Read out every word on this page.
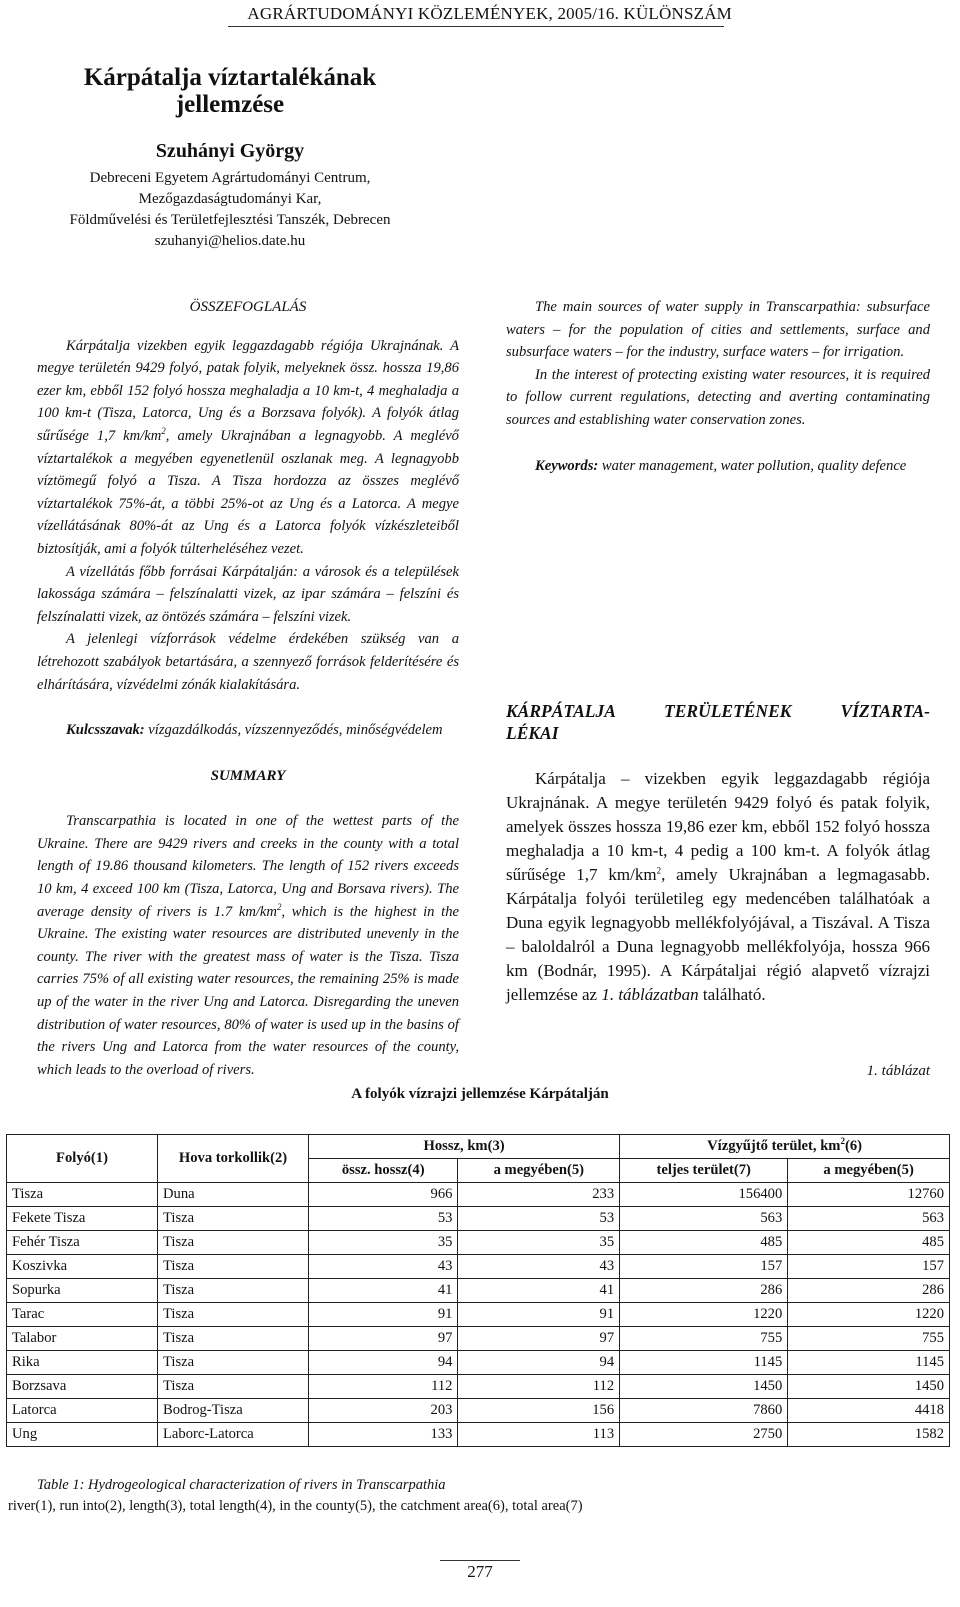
AGRÁRTUDOMÁNYI KÖZLEMÉNYEK, 2005/16. KÜLÖNSZÁM
Kárpátalja víztartalékának
jellemzése
Szuhányi György
Debreceni Egyetem Agrártudományi Centrum,
Mezőgazdaságtudományi Kar,
Földművelési és Területfejlesztési Tanszék, Debrecen
szuhanyi@helios.date.hu
ÖSSZEFOGLALÁS

Kárpátalja vizekben egyik leggazdagabb régiója Ukrajnának. A megye területén 9429 folyó, patak folyik, melyeknek össz. hossza 19,86 ezer km, ebből 152 folyó hossza meghaladja a 10 km-t, 4 meghaladja a 100 km-t (Tisza, Latorca, Ung és a Borzsava folyók). A folyók átlag sűrűsége 1,7 $km/km^2$, amely Ukrajnában a legnagyobb. A meglévő víztartalékok a megyében egyenetlenül oszlanak meg. A legnagyobb víztömegű folyó a Tisza. A Tisza hordozza az összes meglévő víztartalékok 75%-át, a többi 25%-ot az Ung és a Latorca. A megye vízellátásának 80%-át az Ung és a Latorca folyók vízkészleteiből biztosítják, ami a folyók túlterheléséhez vezet.

A vízellátás főbb forrásai Kárpátalján: a városok és a települések lakossága számára – felszínalatti vizek, az ipar számára – felszíni és felszínalatti vizek, az öntözés számára – felszíni vizek.

A jelenlegi vízforrások védelme érdekében szükség van a létrehozott szabályok betartására, a szennyező források felderítésére és elhárítására, vízvédelmi zónák kialakítására.

Kulcsszavak: vízgazdálkodás, vízszennyeződés, minőségvédelem

SUMMARY

Transcarpathia is located in one of the wettest parts of the Ukraine. There are 9429 rivers and creeks in the county with a total length of 19.86 thousand kilometers. The length of 152 rivers exceeds 10 km, 4 exceed 100 km (Tisza, Latorca, Ung and Borsava rivers). The average density of rivers is 1.7 $km/km^2$, which is the highest in the Ukraine. The existing water resources are distributed unevenly in the county. The river with the greatest mass of water is the Tisza. Tisza carries 75% of all existing water resources, the remaining 25% is made up of the water in the river Ung and Latorca. Disregarding the uneven distribution of water resources, 80% of water is used up in the basins of the rivers Ung and Latorca from the water resources of the county, which leads to the overload of rivers.

The main sources of water supply in Transcarpathia: subsurface waters – for the population of cities and settlements, surface and subsurface waters – for the industry, surface waters – for irrigation.

In the interest of protecting existing water resources, it is required to follow current regulations, detecting and averting contaminating sources and establishing water conservation zones.

Keywords: water management, water pollution, quality defence

KÁRPÁTALJA TERÜLETÉNEK VÍZTARTA-
LÉKAI

Kárpátalja – vizekben egyik leggazdagabb régiója Ukrajnának. A megye területén 9429 folyó és patak folyik, amelyek összes hossza 19,86 ezer km, ebből 152 folyó hossza meghaladja a 10 km-t, 4 pedig a 100 km-t. A folyók átlag sűrűsége 1,7 $km/km^2$, amely Ukrajnában a legmagasabb. Kárpátalja folyói területileg egy medencében találhatóak a Duna egyik legnagyobb mellékfolyójával, a Tiszával. A Tisza – baloldalról a Duna legnagyobb mellékfolyója, hossza 966 km (Bodnár, 1995). A Kárpátaljai régió alapvető vízrajzi jellemzése az 1. táblázatban található.

1. táblázat
A folyók vízrajzi jellemzése Kárpátalján
Folyó(1)	Hova torkollik(2)	Hossz, km(3)		Vízgyűjtő terület, $km^2(6)$	
		össz. hossz(4)	a megyében(5)	teljes terület(7)	a megyében(5)
Tisza	Duna	966	233	156400	12760
Fekete Tisza	Tisza	53	53	563	563
Fehér Tisza	Tisza	35	35	485	485
Koszivka	Tisza	43	43	157	157
Sopurka	Tisza	41	41	286	286
Tarac	Tisza	91	91	1220	1220
Talabor	Tisza	97	97	755	755
Rika	Tisza	94	94	1145	1145
Borzsava	Tisza	112	112	1450	1450
Latorca	Bodrog-Tisza	203	156	7860	4418
Ung	Laborc-Latorca	133	113	2750	1582
Table 1: Hydrogeological characterization of rivers in Transcarpathia
river(1), run into(2), length(3), total length(4), in the county(5), the catchment area(6), total area(7)
277
